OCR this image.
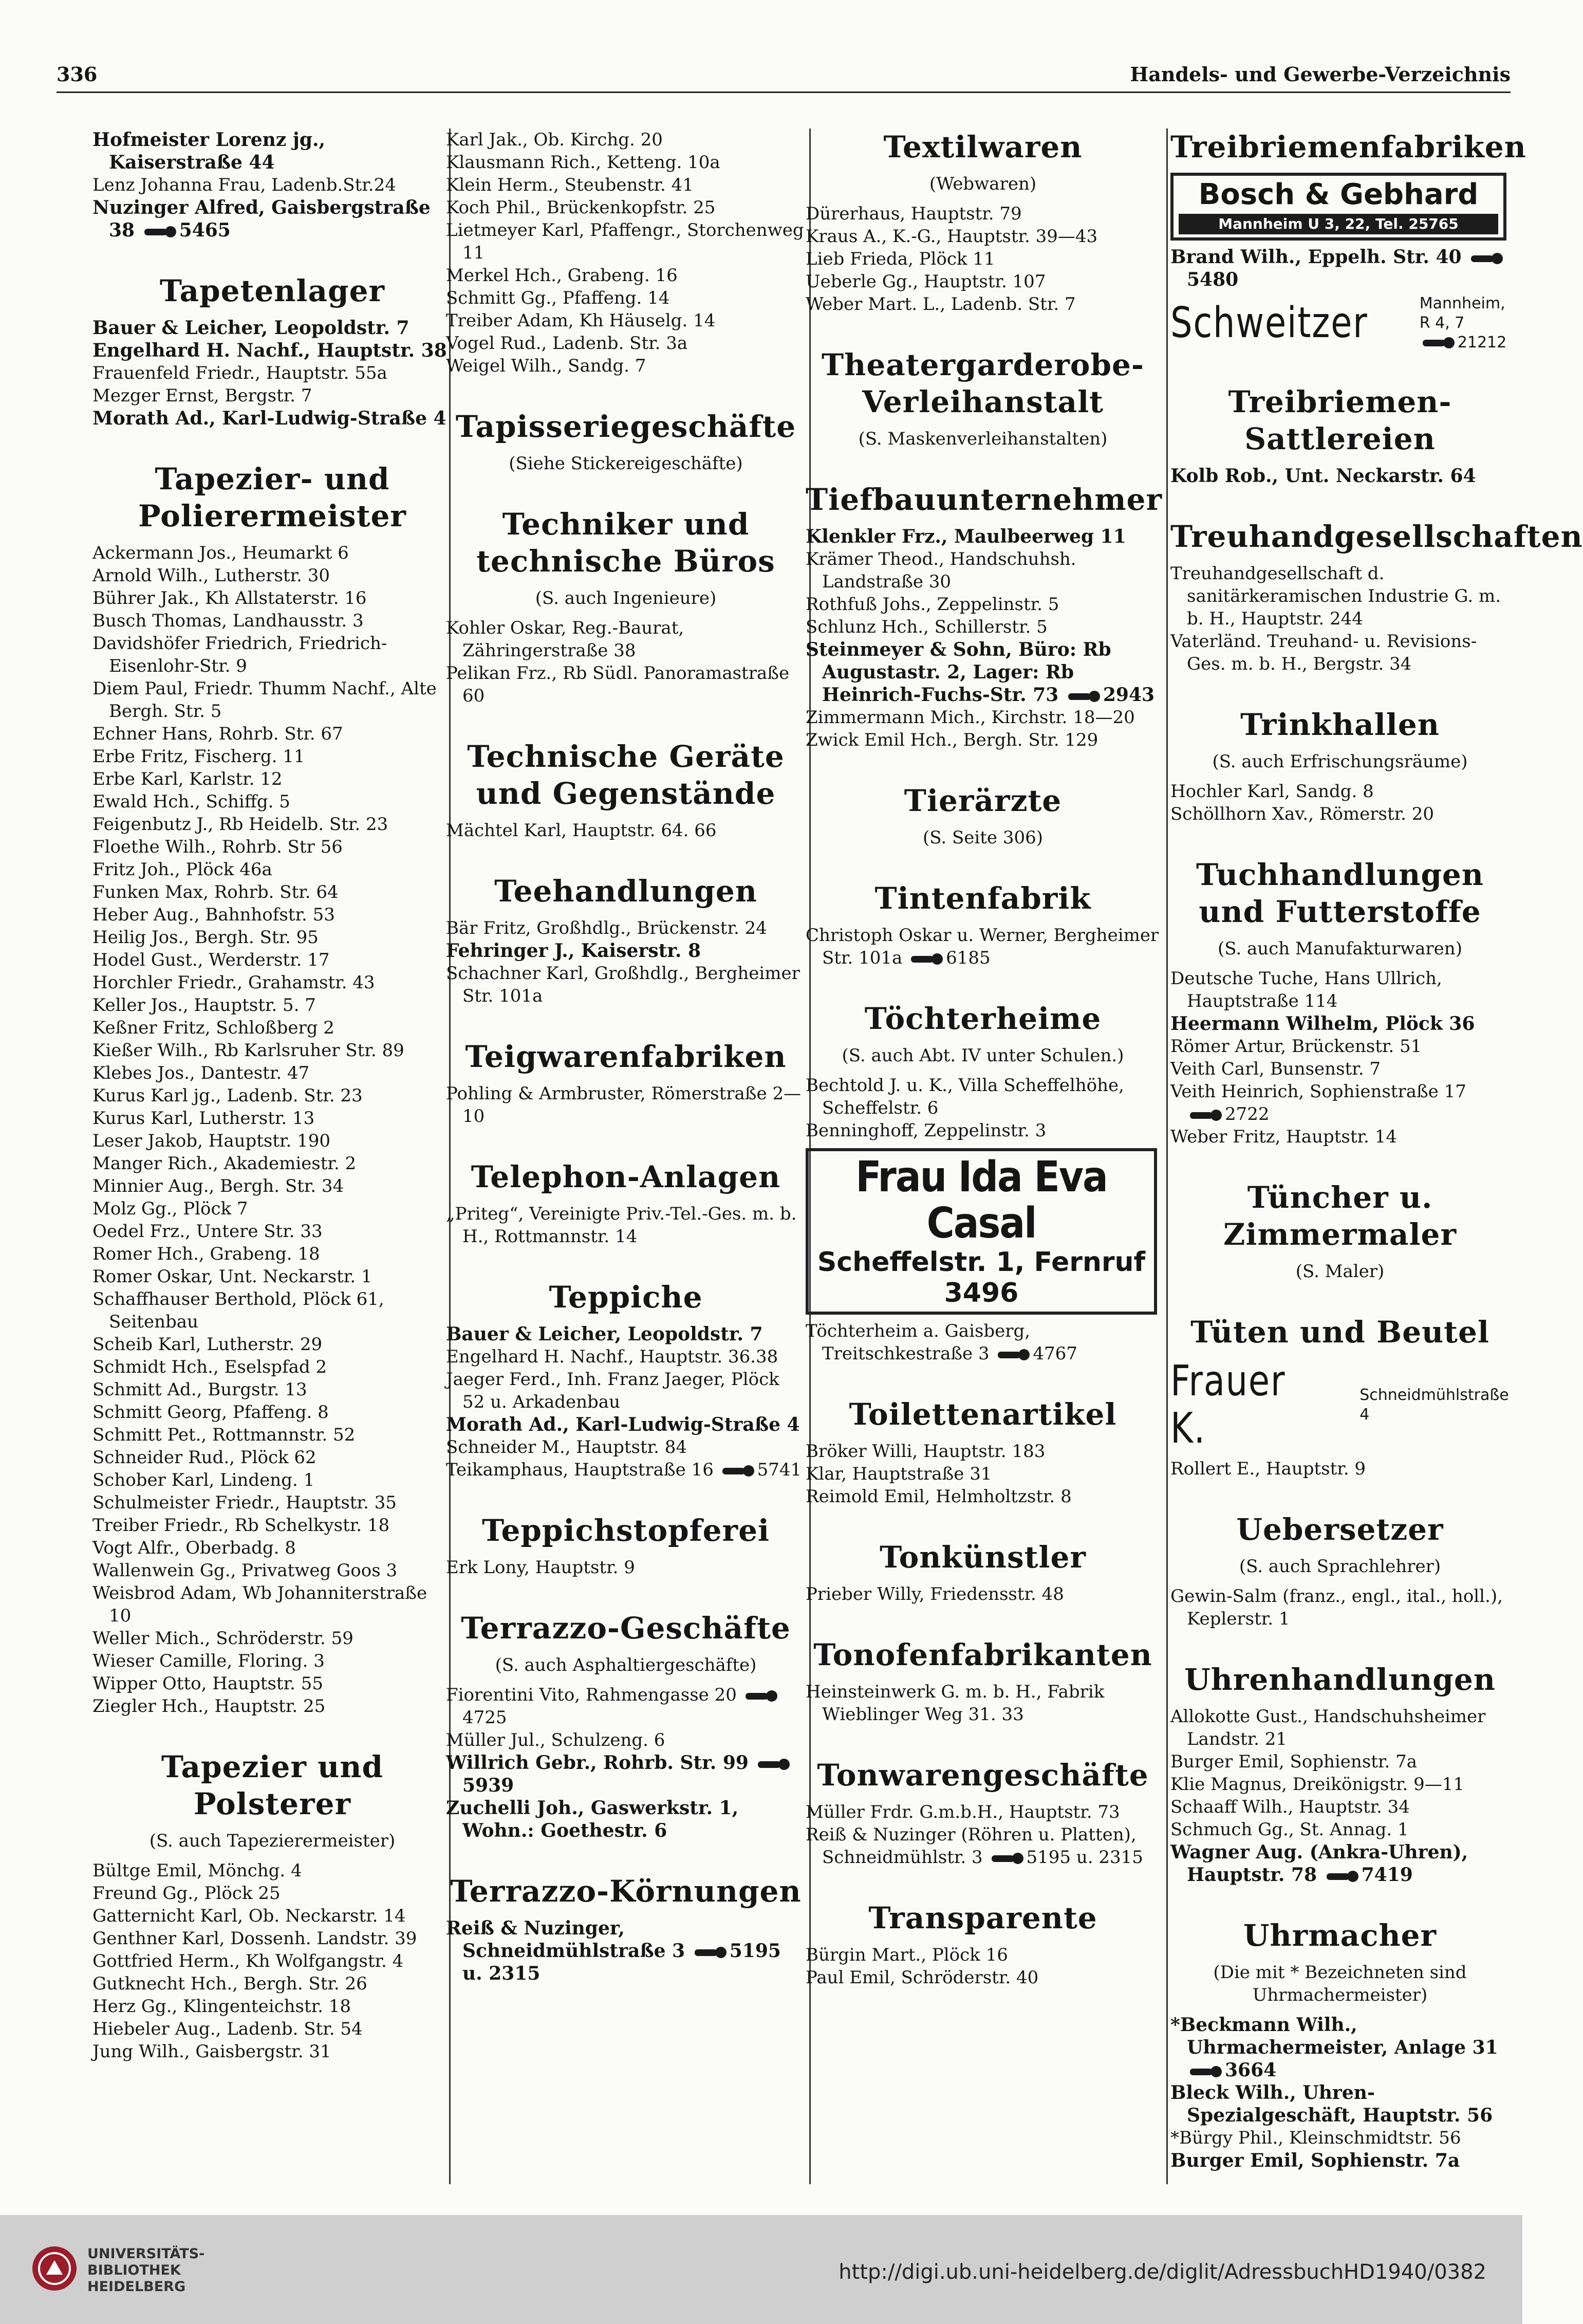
336	Handels- und Gewerbe-Verzeichnis
Hofmeister Lorenz jg., Kaiserstraße 44
Lenz Johanna Frau, Ladenb.Str.24
Nuzinger Alfred, Gaisbergstraße 38 5465
Tapetenlager
Bauer & Leicher, Leopoldstr. 7
Engelhard H. Nachf., Hauptstr. 38
Frauenfeld Friedr., Hauptstr. 55a
Mezger Ernst, Bergstr. 7
Morath Ad., Karl-Ludwig-Straße 4
Tapezier- und Polierermeister
Ackermann Jos., Heumarkt 6
Arnold Wilh., Lutherstr. 30
Bührer Jak., Kh Allstaterstr. 16
Busch Thomas, Landhausstr. 3
Davidshöfer Friedrich, Friedrich-Eisenlohr-Str. 9
Diem Paul, Friedr. Thumm Nachf., Alte Bergh. Str. 5
Echner Hans, Rohrb. Str. 67
Erbe Fritz, Fischerg. 11
Erbe Karl, Karlstr. 12
Ewald Hch., Schiffg. 5
Feigenbutz J., Rb Heidelb. Str. 23
Floethe Wilh., Rohrb. Str 56
Fritz Joh., Plöck 46a
Funken Max, Rohrb. Str. 64
Heber Aug., Bahnhofstr. 53
Heilig Jos., Bergh. Str. 95
Hodel Gust., Werderstr. 17
Horchler Friedr., Grahamstr. 43
Keller Jos., Hauptstr. 5. 7
Keßner Fritz, Schloßberg 2
Kießer Wilh., Rb Karlsruher Str. 89
Klebes Jos., Dantestr. 47
Kurus Karl jg., Ladenb. Str. 23
Kurus Karl, Lutherstr. 13
Leser Jakob, Hauptstr. 190
Manger Rich., Akademiestr. 2
Minnier Aug., Bergh. Str. 34
Molz Gg., Plöck 7
Oedel Frz., Untere Str. 33
Romer Hch., Grabeng. 18
Romer Oskar, Unt. Neckarstr. 1
Schaffhauser Berthold, Plöck 61, Seitenbau
Scheib Karl, Lutherstr. 29
Schmidt Hch., Eselspfad 2
Schmitt Ad., Burgstr. 13
Schmitt Georg, Pfaffeng. 8
Schmitt Pet., Rottmannstr. 52
Schneider Rud., Plöck 62
Schober Karl, Lindeng. 1
Schulmeister Friedr., Hauptstr. 35
Treiber Friedr., Rb Schelkystr. 18
Vogt Alfr., Oberbadg. 8
Wallenwein Gg., Privatweg Goos 3
Weisbrod Adam, Wb Johanniterstraße 10
Weller Mich., Schröderstr. 59
Wieser Camille, Floring. 3
Wipper Otto, Hauptstr. 55
Ziegler Hch., Hauptstr. 25
Tapezier und Polsterer
(S. auch Tapezierermeister)
Bültge Emil, Mönchg. 4
Freund Gg., Plöck 25
Gatternicht Karl, Ob. Neckarstr. 14
Genthner Karl, Dossenh. Landstr. 39
Gottfried Herm., Kh Wolfgangstr. 4
Gutknecht Hch., Bergh. Str. 26
Herz Gg., Klingenteichstr. 18
Hiebeler Aug., Ladenb. Str. 54
Jung Wilh., Gaisbergstr. 31
Karl Jak., Ob. Kirchg. 20
Klausmann Rich., Ketteng. 10a
Klein Herm., Steubenstr. 41
Koch Phil., Brückenkopfstr. 25
Lietmeyer Karl, Pfaffengr., Storchenweg 11
Merkel Hch., Grabeng. 16
Schmitt Gg., Pfaffeng. 14
Treiber Adam, Kh Häuselg. 14
Vogel Rud., Ladenb. Str. 3a
Weigel Wilh., Sandg. 7
Tapisseriegeschäfte
(Siehe Stickereigeschäfte)
Techniker und technische Büros
(S. auch Ingenieure)
Kohler Oskar, Reg.-Baurat, Zähringerstraße 38
Pelikan Frz., Rb Südl. Panoramastraße 60
Technische Geräte und Gegenstände
Mächtel Karl, Hauptstr. 64. 66
Teehandlungen
Bär Fritz, Großhdlg., Brückenstr. 24
Fehringer J., Kaiserstr. 8
Schachner Karl, Großhdlg., Bergheimer Str. 101a
Teigwarenfabriken
Pohling & Armbruster, Römerstraße 2—10
Telephon-Anlagen
„Priteg“, Vereinigte Priv.-Tel.-Ges. m. b. H., Rottmannstr. 14
Teppiche
Bauer & Leicher, Leopoldstr. 7
Engelhard H. Nachf., Hauptstr. 36.38
Jaeger Ferd., Inh. Franz Jaeger, Plöck 52 u. Arkadenbau
Morath Ad., Karl-Ludwig-Straße 4
Schneider M., Hauptstr. 84
Teikamphaus, Hauptstraße 16 5741
Teppichstopferei
Erk Lony, Hauptstr. 9
Terrazzo-Geschäfte
(S. auch Asphaltiergeschäfte)
Fiorentini Vito, Rahmengasse 20 4725
Müller Jul., Schulzeng. 6
Willrich Gebr., Rohrb. Str. 99 5939
Zuchelli Joh., Gaswerkstr. 1, Wohn.: Goethestr. 6
Terrazzo-Körnungen
Reiß & Nuzinger, Schneidmühlstraße 3 5195 u. 2315
Textilwaren
(Webwaren)
Dürerhaus, Hauptstr. 79
Kraus A., K.-G., Hauptstr. 39—43
Lieb Frieda, Plöck 11
Ueberle Gg., Hauptstr. 107
Weber Mart. L., Ladenb. Str. 7
Theatergarderobe-Verleihanstalt
(S. Maskenverleihanstalten)
Tiefbauunternehmer
Klenkler Frz., Maulbeerweg 11
Krämer Theod., Handschuhsh. Landstraße 30
Rothfuß Johs., Zeppelinstr. 5
Schlunz Hch., Schillerstr. 5
Steinmeyer & Sohn, Büro: Rb Augustastr. 2, Lager: Rb Heinrich-Fuchs-Str. 73 2943
Zimmermann Mich., Kirchstr. 18—20
Zwick Emil Hch., Bergh. Str. 129
Tierärzte
(S. Seite 306)
Tintenfabrik
Christoph Oskar u. Werner, Bergheimer Str. 101a 6185
Töchterheime
(S. auch Abt. IV unter Schulen.)
Bechtold J. u. K., Villa Scheffelhöhe, Scheffelstr. 6
Benninghoff, Zeppelinstr. 3
Frau Ida Eva Casal
Scheffelstr. 1, Fernruf 3496
Töchterheim a. Gaisberg, Treitschkestraße 3 4767
Toilettenartikel
Bröker Willi, Hauptstr. 183
Klar, Hauptstraße 31
Reimold Emil, Helmholtzstr. 8
Tonkünstler
Prieber Willy, Friedensstr. 48
Tonofenfabrikanten
Heinsteinwerk G. m. b. H., Fabrik Wieblinger Weg 31. 33
Tonwarengeschäfte
Müller Frdr. G.m.b.H., Hauptstr. 73
Reiß & Nuzinger (Röhren u. Platten), Schneidmühlstr. 3 5195 u. 2315
Transparente
Bürgin Mart., Plöck 16
Paul Emil, Schröderstr. 40
Treibriemenfabriken
Bosch & Gebhard
Mannheim U 3, 22, Tel. 25765
Brand Wilh., Eppelh. Str. 40 5480
Schweitzer	Mannheim, R 4, 7
21212
Treibriemen-Sattlereien
Kolb Rob., Unt. Neckarstr. 64
Treuhandgesellschaften
Treuhandgesellschaft d. sanitärkeramischen Industrie G. m. b. H., Hauptstr. 244
Vaterländ. Treuhand- u. Revisions-Ges. m. b. H., Bergstr. 34
Trinkhallen
(S. auch Erfrischungsräume)
Hochler Karl, Sandg. 8
Schöllhorn Xav., Römerstr. 20
Tuchhandlungen und Futterstoffe
(S. auch Manufakturwaren)
Deutsche Tuche, Hans Ullrich, Hauptstraße 114
Heermann Wilhelm, Plöck 36
Römer Artur, Brückenstr. 51
Veith Carl, Bunsenstr. 7
Veith Heinrich, Sophienstraße 17 2722
Weber Fritz, Hauptstr. 14
Tüncher u. Zimmermaler
(S. Maler)
Tüten und Beutel
Frauer K.
Schneidmühlstraße 4
Rollert E., Hauptstr. 9
Uebersetzer
(S. auch Sprachlehrer)
Gewin-Salm (franz., engl., ital., holl.), Keplerstr. 1
Uhrenhandlungen
Allokotte Gust., Handschuhsheimer Landstr. 21
Burger Emil, Sophienstr. 7a
Klie Magnus, Dreikönigstr. 9—11
Schaaff Wilh., Hauptstr. 34
Schmuch Gg., St. Annag. 1
Wagner Aug. (Ankra-Uhren), Hauptstr. 78 7419
Uhrmacher
(Die mit * Bezeichneten sind Uhrmachermeister)
*Beckmann Wilh., Uhrmachermeister, Anlage 31 3664
Bleck Wilh., Uhren-Spezialgeschäft, Hauptstr. 56
*Bürgy Phil., Kleinschmidtstr. 56
Burger Emil, Sophienstr. 7a
UNIVERSITÄTS-
BIBLIOTHEK
HEIDELBERG
http://digi.ub.uni-heidelberg.de/diglit/AdressbuchHD1940/0382
